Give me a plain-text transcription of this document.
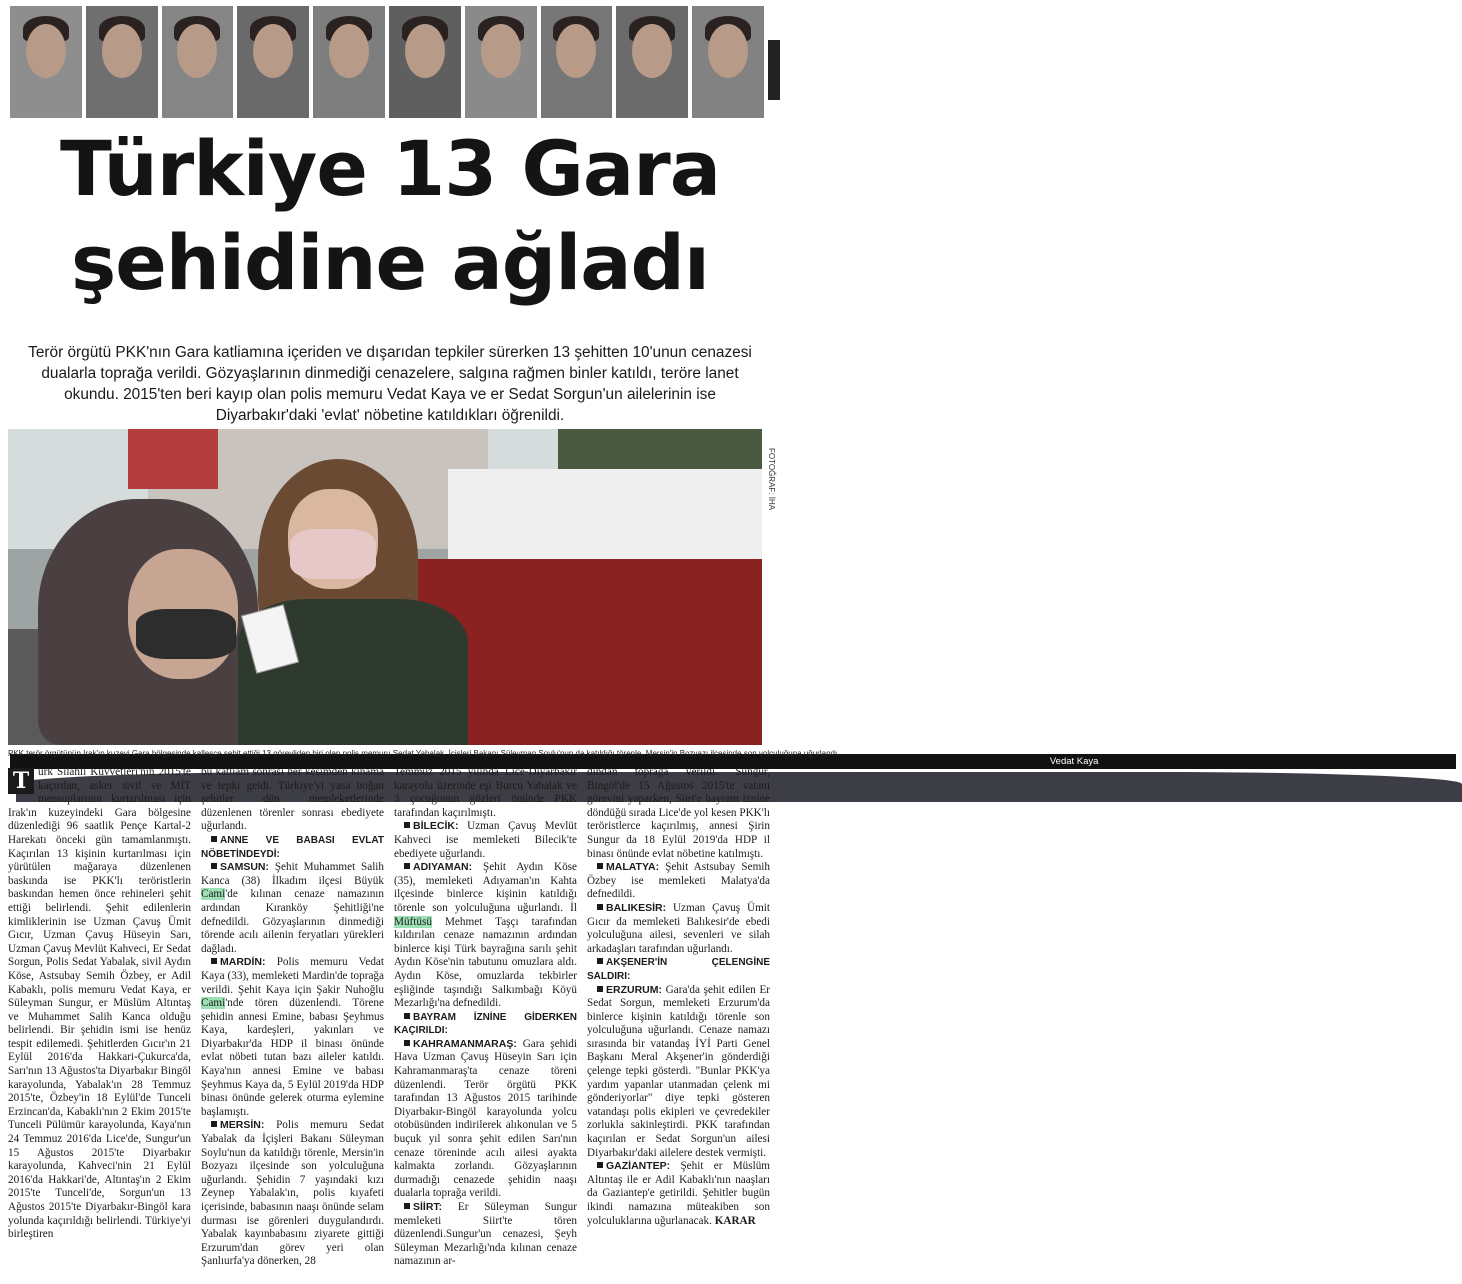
Vedat Kaya
Türkiye 13 Gara
şehidine ağladı
Terör örgütü PKK'nın Gara katliamına içeriden ve dışarıdan tepkiler sürerken 13 şehitten 10'unun cenazesi dualarla toprağa verildi. Gözyaşlarının dinmediği cenazelere, salgına rağmen binler katıldı, teröre lanet okundu. 2015'ten beri kayıp olan polis memuru Vedat Kaya ve er Sedat Sorgun'un ailelerinin ise Diyarbakır'daki 'evlat' nöbetine katıldıkları öğrenildi.
FOTOĞRAF: İHA
PKK terör örgütünün Irak'ın kuzeyi Gara bölgesinde kalleşçe şehit ettiği 13 görevliden biri olan polis memuru Sedat Yabalak, İçişleri Bakanı Süleyman Soylu'nun da katıldığı törenle, Mersin'in Bozyazı ilçesinde son yolculuğuna uğurlandı.

T ürk Silahlı Kuvvetleri'nin 2015'te kaçırılan, asker sivil ve MİT mensuplarının kurtarılması için Irak'ın kuzeyindeki Gara bölgesine düzenlediği 96 saatlik Pençe Kartal-2 Harekatı önceki gün tamamlanmıştı. Kaçırılan 13 kişinin kurtarılması için yürütülen mağaraya düzenlenen baskında ise PKK'lı teröristlerin baskından hemen önce rehineleri şehit ettiği belirlendi. Şehit edilenlerin kimliklerinin ise Uzman Çavuş Ümit Gıcır, Uzman Çavuş Hüseyin Sarı, Uzman Çavuş Mevlüt Kahveci, Er Sedat Sorgun, Polis Sedat Yabalak, sivil Aydın Köse, Astsubay Semih Özbey, er Adil Kabaklı, polis memuru Vedat Kaya, er Süleyman Sungur, er Müslüm Altıntaş ve Muhammet Salih Kanca olduğu belirlendi. Bir şehidin ismi ise henüz tespit edilemedi. Şehitlerden Gıcır'ın 21 Eylül 2016'da Hakkari-Çukurca'da, Sarı'nın 13 Ağustos'ta Diyarbakır Bingöl karayolunda, Yabalak'ın 28 Temmuz 2015'te, Özbey'in 18 Eylül'de Tunceli Erzincan'da, Kabaklı'nın 2 Ekim 2015'te Tunceli Pülümür karayolunda, Kaya'nın 24 Temmuz 2016'da Lice'de, Sungur'un 15 Ağustos 2015'te Diyarbakır karayolunda, Kahveci'nin 21 Eylül 2016'da Hakkari'de, Altıntaş'ın 2 Ekim 2015'te Tunceli'de, Sorgun'un 13 Ağustos 2015'te Diyarbakır-Bingöl kara yolunda kaçırıldığı belirlendi. Türkiye'yi birleştiren

bu katliam sonrası her kesimden kınama ve tepki geldi. Türkiye'yi yasa boğan şehitler dün memleketlerinde düzenlenen törenler sonrası ebediyete uğurlandı.

ANNE VE BABASI EVLAT NÖBETİNDEYDİ:

SAMSUN: Şehit Muhammet Salih Kanca (38) İlkadım ilçesi Büyük Cami'de kılınan cenaze namazının ardından Kıranköy Şehitliği'ne defnedildi. Gözyaşlarının dinmediği törende acılı ailenin feryatları yürekleri dağladı.

MARDİN: Polis memuru Vedat Kaya (33), memleketi Mardin'de toprağa verildi. Şehit Kaya için Şakir Nuhoğlu Cami'nde tören düzenlendi. Törene şehidin annesi Emine, babası Şeyhmus Kaya, kardeşleri, yakınları ve Diyarbakır'da HDP il binası önünde evlat nöbeti tutan bazı aileler katıldı. Kaya'nın annesi Emine ve babası Şeyhmus Kaya da, 5 Eylül 2019'da HDP binası önünde gelerek oturma eylemine başlamıştı.

MERSİN: Polis memuru Sedat Yabalak da İçişleri Bakanı Süleyman Soylu'nun da katıldığı törenle, Mersin'in Bozyazı ilçesinde son yolculuğuna uğurlandı. Şehidin 7 yaşındaki kızı Zeynep Yabalak'ın, polis kıyafeti içerisinde, babasının naaşı önünde selam durması ise görenleri duygulandırdı. Yabalak kayınbabasını ziyarete gittiği Erzurum'dan görev yeri olan Şanlıurfa'ya dönerken, 28

Temmuz 2015 yılında Lice-Diyarbakır karayolu üzerinde eşi Burcu Yabalak ve 3 çocuğunun gözleri önünde PKK tarafından kaçırılmıştı.

BİLECİK: Uzman Çavuş Mevlüt Kahveci ise memleketi Bilecik'te ebediyete uğurlandı.

ADIYAMAN: Şehit Aydın Köse (35), memleketi Adıyaman'ın Kahta ilçesinde binlerce kişinin katıldığı törenle son yolculuğuna uğurlandı. İl Müftüsü Mehmet Taşçı tarafından kıldırılan cenaze namazının ardından binlerce kişi Türk bayrağına sarılı şehit Aydın Köse'nin tabutunu omuzlara aldı. Aydın Köse, omuzlarda tekbirler eşliğinde taşındığı Salkımbağı Köyü Mezarlığı'na defnedildi.

BAYRAM İZNİNE GİDERKEN KAÇIRILDI:

KAHRAMANMARAŞ: Gara şehidi Hava Uzman Çavuş Hüseyin Sarı için Kahramanmaraş'ta cenaze töreni düzenlendi. Terör örgütü PKK tarafından 13 Ağustos 2015 tarihinde Diyarbakır-Bingöl karayolunda yolcu otobüsünden indirilerek alıkonulan ve 5 buçuk yıl sonra şehit edilen Sarı'nın cenaze töreninde acılı ailesi ayakta kalmakta zorlandı. Gözyaşlarının durmadığı cenazede şehidin naaşı dualarla toprağa verildi.

SİİRT: Er Süleyman Sungur memleketi Siirt'te tören düzenlendi.Sungur'un cenazesi, Şeyh Süleyman Mezarlığı'nda kılınan cenaze namazının ar-

dından toprağa verildi. Sungur, Bingöl'de 15 Ağustos 2015'te vatani görevini yaparken, Siirt'e bayram iznine döndüğü sırada Lice'de yol kesen PKK'lı teröristlerce kaçırılmış, annesi Şirin Sungur da 18 Eylül 2019'da HDP il binası önünde evlat nöbetine katılmıştı.

MALATYA: Şehit Astsubay Semih Özbey ise memleketi Malatya'da defnedildi.

BALIKESİR: Uzman Çavuş Ümit Gıcır da memleketi Balıkesir'de ebedi yolculuğuna ailesi, sevenleri ve silah arkadaşları tarafından uğurlandı.

AKŞENER'İN ÇELENGİNE SALDIRI:

ERZURUM: Gara'da şehit edilen Er Sedat Sorgun, memleketi Erzurum'da binlerce kişinin katıldığı törenle son yolculuğuna uğurlandı. Cenaze namazı sırasında bir vatandaş İYİ Parti Genel Başkanı Meral Akşener'in gönderdiği çelenge tepki gösterdi. "Bunlar PKK'ya yardım yapanlar utanmadan çelenk mi gönderiyorlar" diye tepki gösteren vatandaşı polis ekipleri ve çevredekiler zorlukla sakinleştirdi. PKK tarafından kaçırılan er Sedat Sorgun'un ailesi Diyarbakır'daki ailelere destek vermişti.

GAZİANTEP: Şehit er Müslüm Altıntaş ile er Adil Kabaklı'nın naaşları da Gaziantep'e getirildi. Şehitler bugün ikindi namazına müteakiben son yolculuklarına uğurlanacak. KARAR
